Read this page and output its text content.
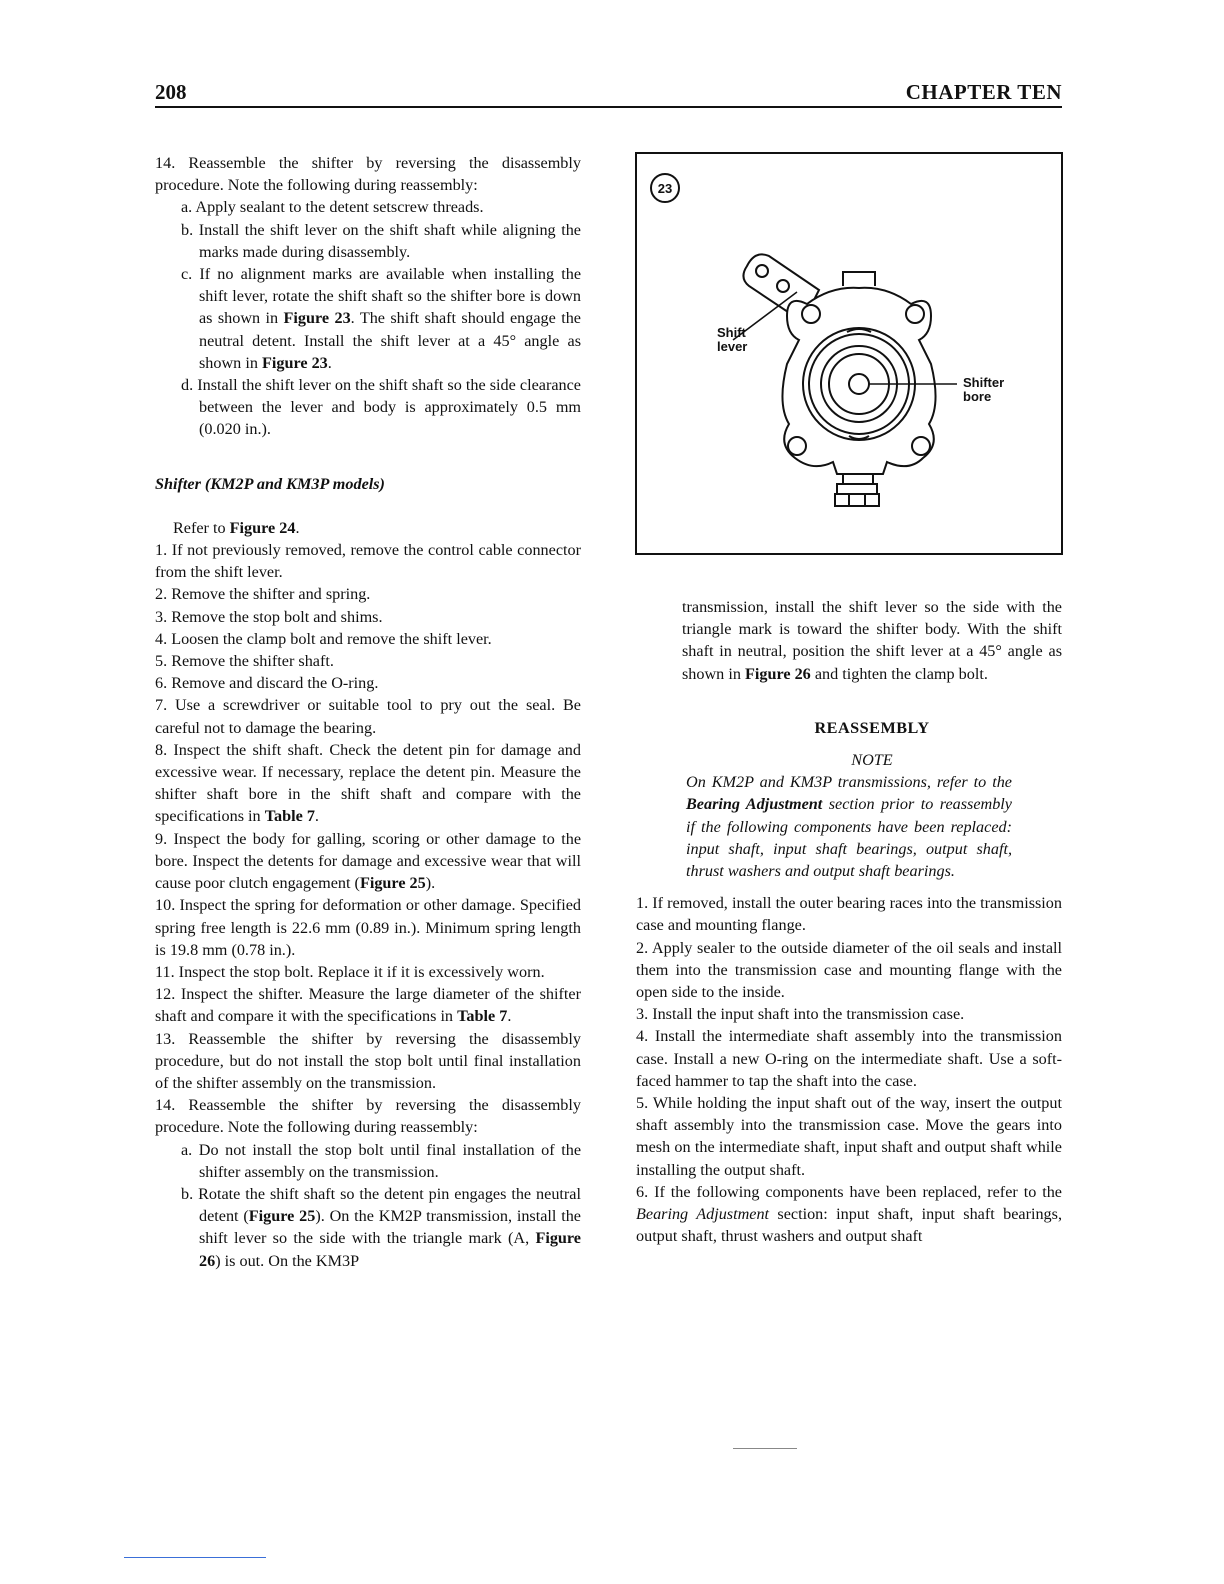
208	CHAPTER TEN

14. Reassemble the shifter by reversing the disassembly procedure. Note the following during reassembly:

a. Apply sealant to the detent setscrew threads.

b. Install the shift lever on the shift shaft while aligning the marks made during disassembly.

c. If no alignment marks are available when installing the shift lever, rotate the shift shaft so the shifter bore is down as shown in Figure 23. The shift shaft should engage the neutral detent. Install the shift lever at a 45° angle as shown in Figure 23.

d. Install the shift lever on the shift shaft so the side clearance between the lever and body is approximately 0.5 mm (0.020 in.).

Shifter (KM2P and KM3P models)

Refer to Figure 24.

1. If not previously removed, remove the control cable connector from the shift lever.

2. Remove the shifter and spring.

3. Remove the stop bolt and shims.

4. Loosen the clamp bolt and remove the shift lever.

5. Remove the shifter shaft.

6. Remove and discard the O-ring.

7. Use a screwdriver or suitable tool to pry out the seal. Be careful not to damage the bearing.

8. Inspect the shift shaft. Check the detent pin for damage and excessive wear. If necessary, replace the detent pin. Measure the shifter shaft bore in the shift shaft and compare with the specifications in Table 7.

9. Inspect the body for galling, scoring or other damage to the bore. Inspect the detents for damage and excessive wear that will cause poor clutch engagement (Figure 25).

10. Inspect the spring for deformation or other damage. Specified spring free length is 22.6 mm (0.89 in.). Minimum spring length is 19.8 mm (0.78 in.).

11. Inspect the stop bolt. Replace it if it is excessively worn.

12. Inspect the shifter. Measure the large diameter of the shifter shaft and compare it with the specifications in Table 7.

13. Reassemble the shifter by reversing the disassembly procedure, but do not install the stop bolt until final installation of the shifter assembly on the transmission.

14. Reassemble the shifter by reversing the disassembly procedure. Note the following during reassembly:

a. Do not install the stop bolt until final installation of the shifter assembly on the transmission.

b. Rotate the shift shaft so the detent pin engages the neutral detent (Figure 25). On the KM2P transmission, install the shift lever so the side with the triangle mark (A, Figure 26) is out. On the KM3P

23
Shift
lever
Shifter
bore

transmission, install the shift lever so the side with the triangle mark is toward the shifter body. With the shift shaft in neutral, position the shift lever at a 45° angle as shown in Figure 26 and tighten the clamp bolt.

REASSEMBLY

NOTE

On KM2P and KM3P transmissions, refer to the Bearing Adjustment section prior to reassembly if the following components have been replaced: input shaft, input shaft bearings, output shaft, thrust washers and output shaft bearings.

1. If removed, install the outer bearing races into the transmission case and mounting flange.

2. Apply sealer to the outside diameter of the oil seals and install them into the transmission case and mounting flange with the open side to the inside.

3. Install the input shaft into the transmission case.

4. Install the intermediate shaft assembly into the transmission case. Install a new O-ring on the intermediate shaft. Use a soft-faced hammer to tap the shaft into the case.

5. While holding the input shaft out of the way, insert the output shaft assembly into the transmission case. Move the gears into mesh on the intermediate shaft, input shaft and output shaft while installing the output shaft.

6. If the following components have been replaced, refer to the Bearing Adjustment section: input shaft, input shaft bearings, output shaft, thrust washers and output shaft
